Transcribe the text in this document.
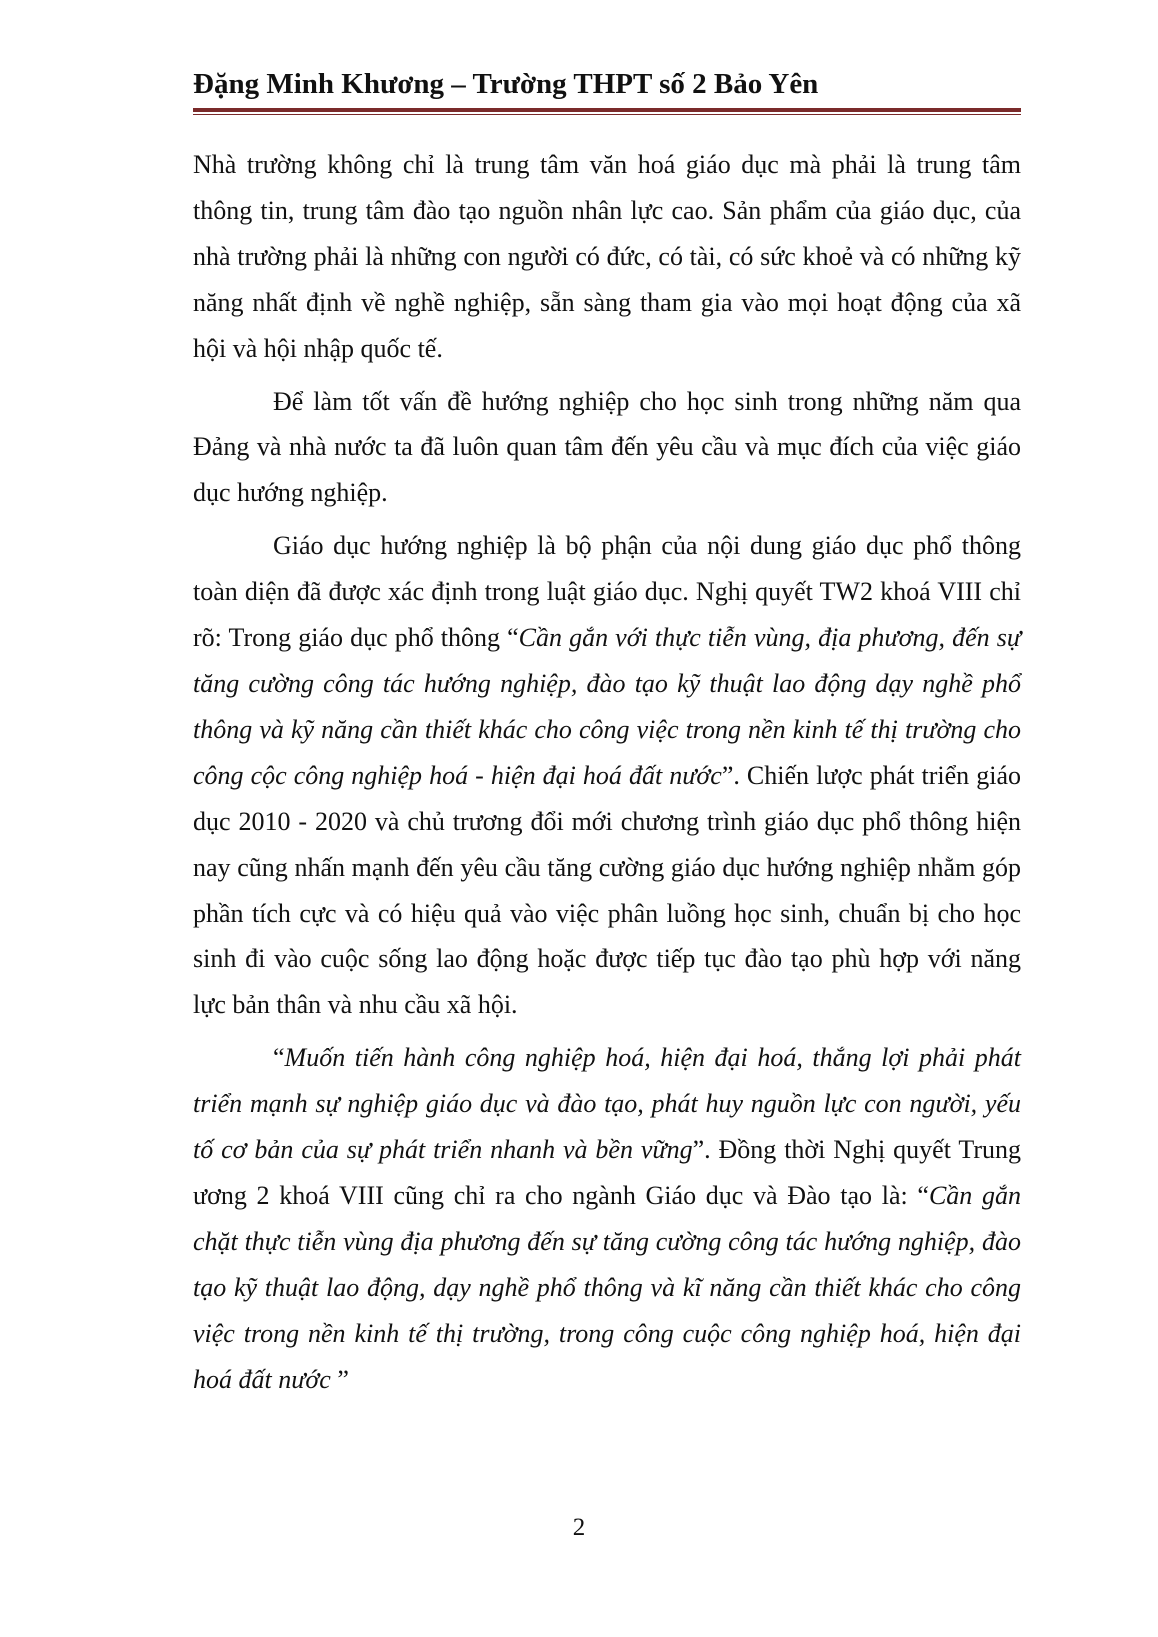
Đặng Minh Khương – Trường THPT số 2 Bảo Yên

Nhà trường không chỉ là trung tâm văn hoá giáo dục mà phải là trung tâm thông tin, trung tâm đào tạo nguồn nhân lực cao. Sản phẩm của giáo dục, của nhà trường phải là những con người có đức, có tài, có sức khoẻ và có những kỹ năng nhất định về nghề nghiệp, sẵn sàng tham gia vào mọi hoạt động của xã hội và hội nhập quốc tế.

Để làm tốt vấn đề hướng nghiệp cho học sinh trong những năm qua Đảng và nhà nước ta đã luôn quan tâm đến yêu cầu và mục đích của việc giáo dục hướng nghiệp.

Giáo dục hướng nghiệp là bộ phận của nội dung giáo dục phổ thông toàn diện đã được xác định trong luật giáo dục. Nghị quyết TW2 khoá VIII chỉ rõ: Trong giáo dục phổ thông “Cần gắn với thực tiễn vùng, địa phương, đến sự tăng cường công tác hướng nghiệp, đào tạo kỹ thuật lao động dạy nghề phổ thông và kỹ năng cần thiết khác cho công việc trong nền kinh tế thị trường cho công cộc công nghiệp hoá - hiện đại hoá đất nước”. Chiến lược phát triển giáo dục 2010 - 2020 và chủ trương đổi mới chương trình giáo dục phổ thông hiện nay cũng nhấn mạnh đến yêu cầu tăng cường giáo dục hướng nghiệp nhằm góp phần tích cực và có hiệu quả vào việc phân luồng học sinh, chuẩn bị cho học sinh đi vào cuộc sống lao động hoặc được tiếp tục đào tạo phù hợp với năng lực bản thân và nhu cầu xã hội.

“Muốn tiến hành công nghiệp hoá, hiện đại hoá, thắng lợi phải phát triển mạnh sự nghiệp giáo dục và đào tạo, phát huy nguồn lực con người, yếu tố cơ bản của sự phát triển nhanh và bền vững”. Đồng thời Nghị quyết Trung ương 2 khoá VIII cũng chỉ ra cho ngành Giáo dục và Đào tạo là: “Cần gắn chặt thực tiễn vùng địa phương đến sự tăng cường công tác hướng nghiệp, đào tạo kỹ thuật lao động, dạy nghề phổ thông và kĩ năng cần thiết khác cho công việc trong nền kinh tế thị trường, trong công cuộc công nghiệp hoá, hiện đại hoá đất nước ”

2
